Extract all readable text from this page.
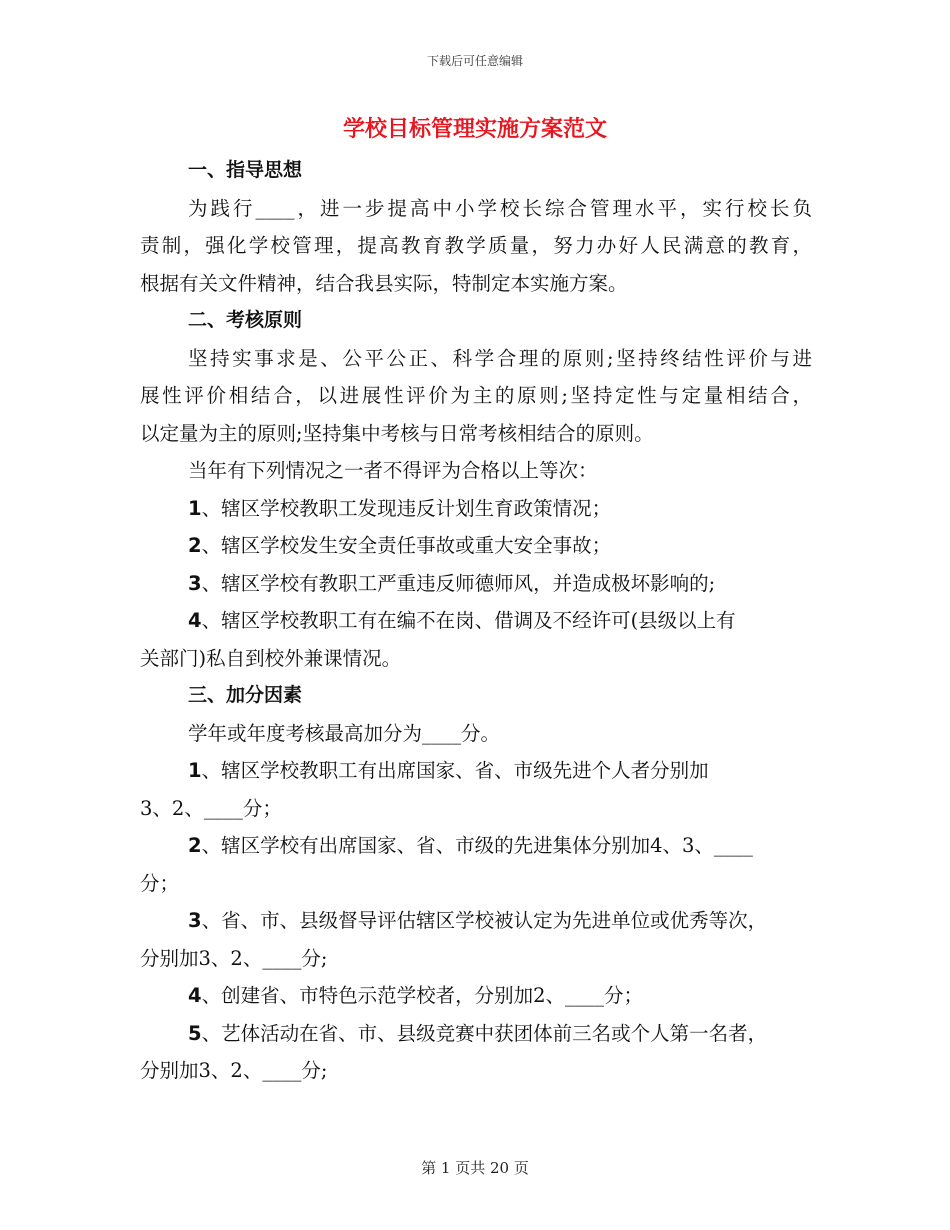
下载后可任意编辑
学校目标管理实施方案范文
一、指导思想
为践行____，进一步提高中小学校长综合管理水平，实行校长负
责制，强化学校管理，提高教育教学质量，努力办好人民满意的教育，
根据有关文件精神，结合我县实际，特制定本实施方案。
二、考核原则
坚持实事求是、公平公正、科学合理的原则;坚持终结性评价与进
展性评价相结合，以进展性评价为主的原则;坚持定性与定量相结合，
以定量为主的原则;坚持集中考核与日常考核相结合的原则。
当年有下列情况之一者不得评为合格以上等次：
1、辖区学校教职工发现违反计划生育政策情况；
2、辖区学校发生安全责任事故或重大安全事故；
3、辖区学校有教职工严重违反师德师风，并造成极坏影响的;
4、辖区学校教职工有在编不在岗、借调及不经许可(县级以上有
关部门)私自到校外兼课情况。
三、加分因素
学年或年度考核最高加分为____分。
1、辖区学校教职工有出席国家、省、市级先进个人者分别加
3、2、____分；
2、辖区学校有出席国家、省、市级的先进集体分别加4、3、____
分；
3、省、市、县级督导评估辖区学校被认定为先进单位或优秀等次，
分别加3、2、____分;
4、创建省、市特色示范学校者，分别加2、____分；
5、艺体活动在省、市、县级竞赛中获团体前三名或个人第一名者，
分别加3、2、____分;
第 1 页共 20 页
